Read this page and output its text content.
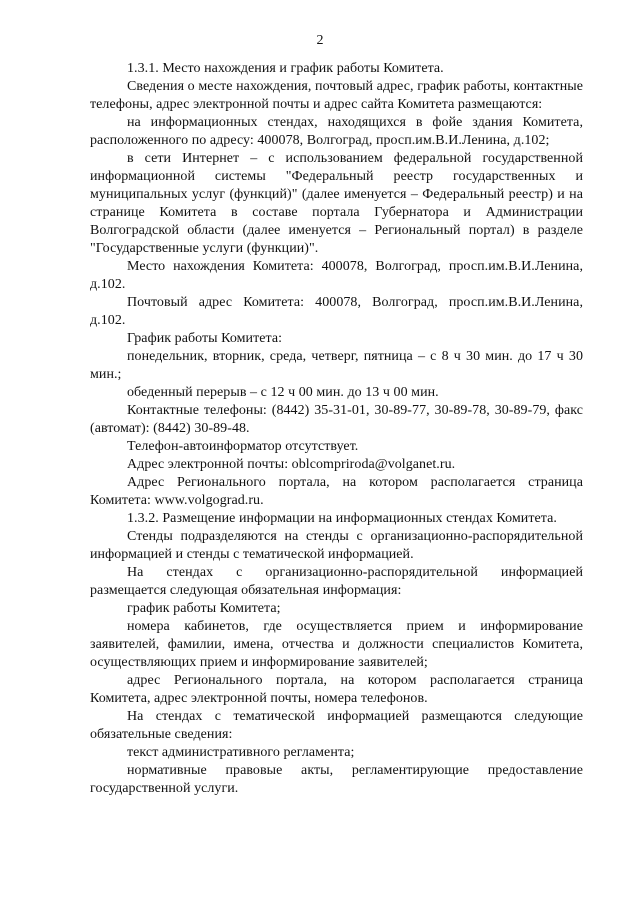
2

1.3.1. Место нахождения и график работы Комитета.

Сведения о месте нахождения, почтовый адрес, график работы, контактные телефоны, адрес электронной почты и адрес сайта Комитета размещаются:

на информационных стендах, находящихся в фойе здания Комитета, расположенного по адресу: 400078, Волгоград, просп.им.В.И.Ленина, д.102;

в сети Интернет – с использованием федеральной государственной информационной системы "Федеральный реестр государственных и муниципальных услуг (функций)" (далее именуется – Федеральный реестр) и на странице Комитета в составе портала Губернатора и Администрации Волгоградской области (далее именуется – Региональный портал) в разделе "Государственные услуги (функции)".

Место нахождения Комитета: 400078, Волгоград, просп.им.В.И.Ленина, д.102.

Почтовый адрес Комитета: 400078, Волгоград, просп.им.В.И.Ленина, д.102.

График работы Комитета:

понедельник, вторник, среда, четверг, пятница – с 8 ч 30 мин. до 17 ч 30 мин.;

обеденный перерыв – с 12 ч 00 мин. до 13 ч 00 мин.

Контактные телефоны: (8442) 35-31-01, 30-89-77, 30-89-78, 30-89-79, факс (автомат): (8442) 30-89-48.

Телефон-автоинформатор отсутствует.

Адрес электронной почты: oblcompriroda@volganet.ru.

Адрес Регионального портала, на котором располагается страница Комитета: www.volgograd.ru.

1.3.2. Размещение информации на информационных стендах Комитета.

Стенды подразделяются на стенды с организационно-распорядительной информацией и стенды с тематической информацией.

На стендах с организационно-распорядительной информацией размещается следующая обязательная информация:

график работы Комитета;

номера кабинетов, где осуществляется прием и информирование заявителей, фамилии, имена, отчества и должности специалистов Комитета, осуществляющих прием и информирование заявителей;

адрес Регионального портала, на котором располагается страница Комитета, адрес электронной почты, номера телефонов.

На стендах с тематической информацией размещаются следующие обязательные сведения:

текст административного регламента;

нормативные правовые акты, регламентирующие предоставление государственной услуги.
